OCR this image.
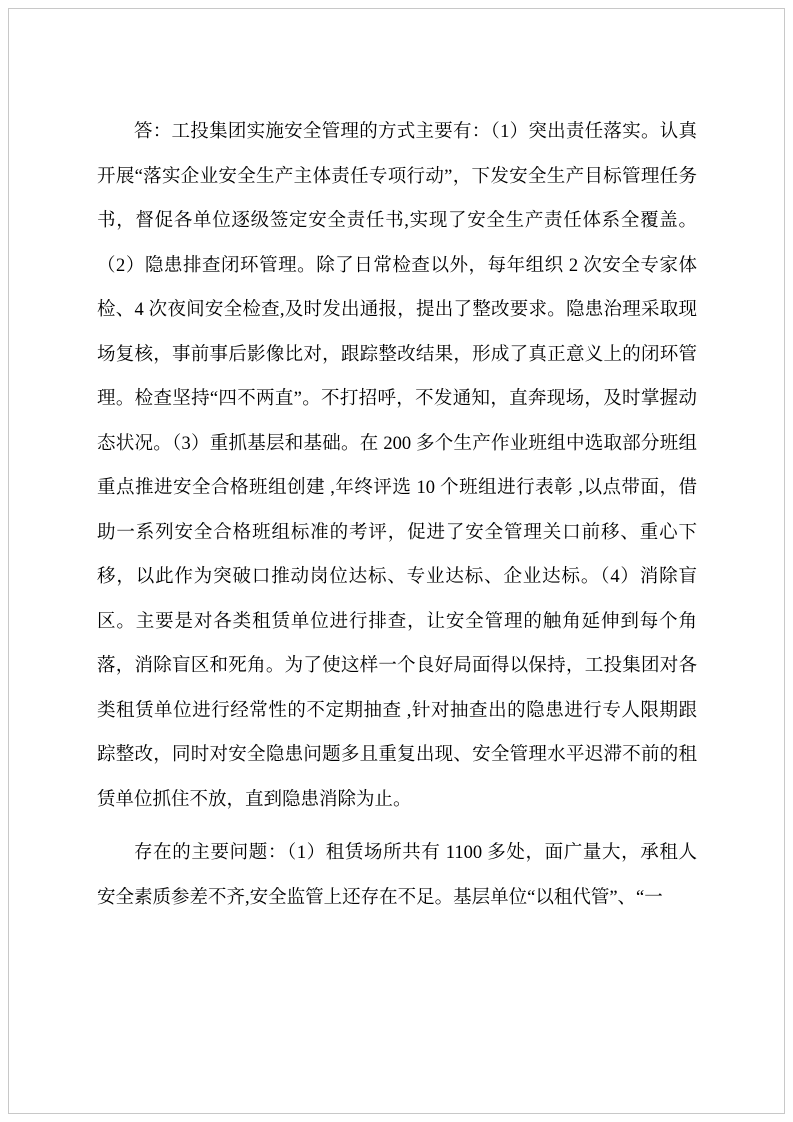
答：工投集团实施安全管理的方式主要有：（1）突出责任落实。认真开展“落实企业安全生产主体责任专项行动”，下发安全生产目标管理任务书，督促各单位逐级签定安全责任书,实现了安全生产责任体系全覆盖。（2）隐患排查闭环管理。除了日常检查以外，每年组织 2 次安全专家体检、4 次夜间安全检查,及时发出通报，提出了整改要求。隐患治理采取现场复核，事前事后影像比对，跟踪整改结果，形成了真正意义上的闭环管理。检查坚持“四不两直”。不打招呼，不发通知，直奔现场，及时掌握动态状况。（3）重抓基层和基础。在 200 多个生产作业班组中选取部分班组重点推进安全合格班组创建 ,年终评选 10 个班组进行表彰 ,以点带面，借助一系列安全合格班组标准的考评，促进了安全管理关口前移、重心下移，以此作为突破口推动岗位达标、专业达标、企业达标。（4）消除盲区。主要是对各类租赁单位进行排查，让安全管理的触角延伸到每个角落，消除盲区和死角。为了使这样一个良好局面得以保持，工投集团对各类租赁单位进行经常性的不定期抽查 ,针对抽查出的隐患进行专人限期跟踪整改，同时对安全隐患问题多且重复出现、安全管理水平迟滞不前的租赁单位抓住不放，直到隐患消除为止。

存在的主要问题：（1）租赁场所共有 1100 多处，面广量大，承租人安全素质参差不齐,安全监管上还存在不足。基层单位“以租代管”、“一
